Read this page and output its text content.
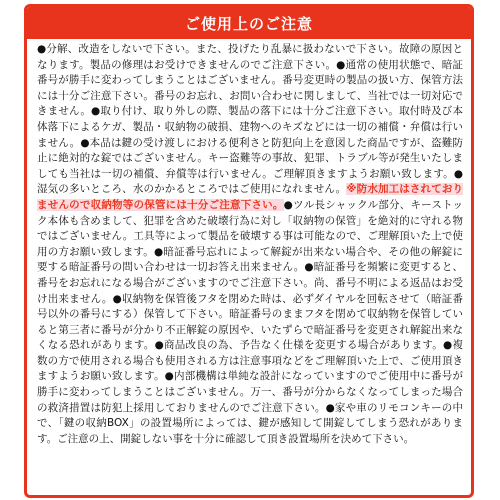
ご使用上のご注意

●分解、改造をしないで下さい。また、投げたり乱暴に扱わないで下さい。故障の原因となります。製品の修理はお受けできませんのでご注意下さい。●通常の使用状態で、暗証番号が勝手に変わってしまうことはございません。番号変更時の製品の扱い方、保管方法には十分ご注意下さい。番号のお忘れ、お問い合わせに関しまして、当社では一切対応できません。●取り付け、取り外しの際、製品の落下には十分ご注意下さい。取付時及び本体落下によるケガ、製品・収納物の破損、建物へのキズなどには一切の補償・弁償は行いません。●本品は鍵の受け渡しにおける便利さと防犯向上を意図した商品ですが、盗難防止に絶対的な錠ではございません。キー盗難等の事故、犯罪、トラブル等が発生いたしましても当社は一切の補償、弁償等は行いません。ご理解頂きますようお願い致します。●湿気の多いところ、水のかかるところではご使用になれません。※防水加工はされておりませんので収納物等の保管には十分ご注意下さい。●ツル長シャックル部分、キーストック本体も含めまして、犯罪を含めた破壊行為に対し「収納物の保管」を絶対的に守れる物ではございません。工具等によって製品を破壊する事は可能なので、ご理解頂いた上で使用の方お願い致します。●暗証番号忘れによって解錠が出来ない場合や、その他の解錠に要する暗証番号の問い合わせは一切お答え出来ません。●暗証番号を頻繁に変更すると、番号をお忘れになる場合がございますのでご注意下さい。尚、番号不明による返品はお受け出来ません。●収納物を保管後フタを閉めた時は、必ずダイヤルを回転させて（暗証番号以外の番号にする）保管して下さい。暗証番号のままフタを閉めて収納物を保管していると第三者に番号が分かり不正解錠の原因や、いたずらで暗証番号を変更され解錠出来なくなる恐れがあります。●商品改良の為、予告なく仕様を変更する場合があります。●複数の方で使用される場合も使用される方は注意事項などをご理解頂いた上で、ご使用頂きますようお願い致します。●内部機構は単純な設計になっていますのでご使用中に番号が勝手に変わってしまうことはございません。万一、番号が分からなくなってしまった場合の救済措置は防犯上採用しておりませんのでご注意下さい。●家や車のリモコンキーの中で、「鍵の収納BOX」の設置場所によっては、鍵が感知して開錠してしまう恐れがあります。ご注意の上、開錠しない事を十分に確認して頂き設置場所を決めて下さい。
